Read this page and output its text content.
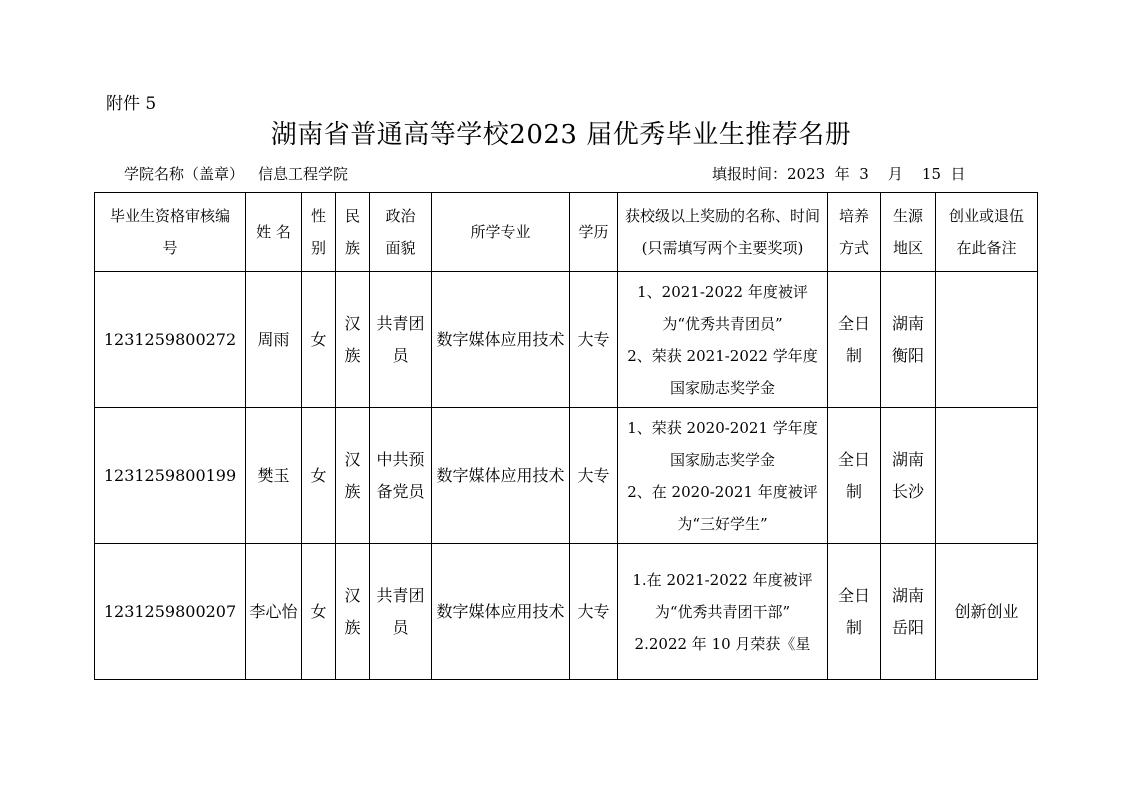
附件 5
湖南省普通高等学校2023 届优秀毕业生推荐名册
学院名称（盖章） 信息工程学院	填报时间：2023  年  3    月    15  日
毕业生资格审核编号	姓 名	性别	民族	政治面貌	所学专业	学历	获校级以上奖励的名称、时间(只需填写两个主要奖项)	培养方式	生源地区	创业或退伍在此备注

1231259800272	周雨	女	汉族	共青团员	数字媒体应用技术	大专	1、2021-2022 年度被评为“优秀共青团员”
2、荣获 2021-2022 学年度国家励志奖学金	全日制	湖南衡阳	

1231259800199	樊玉	女	汉族	中共预备党员	数字媒体应用技术	大专	1、荣获 2020-2021 学年度国家励志奖学金
2、在 2020-2021 年度被评为“三好学生”	全日制	湖南长沙	

1231259800207	李心怡	女	汉族	共青团员	数字媒体应用技术	大专	1.在 2021-2022 年度被评为“优秀共青团干部”
2.2022 年 10 月荣获《星	全日制	湖南岳阳	创新创业
